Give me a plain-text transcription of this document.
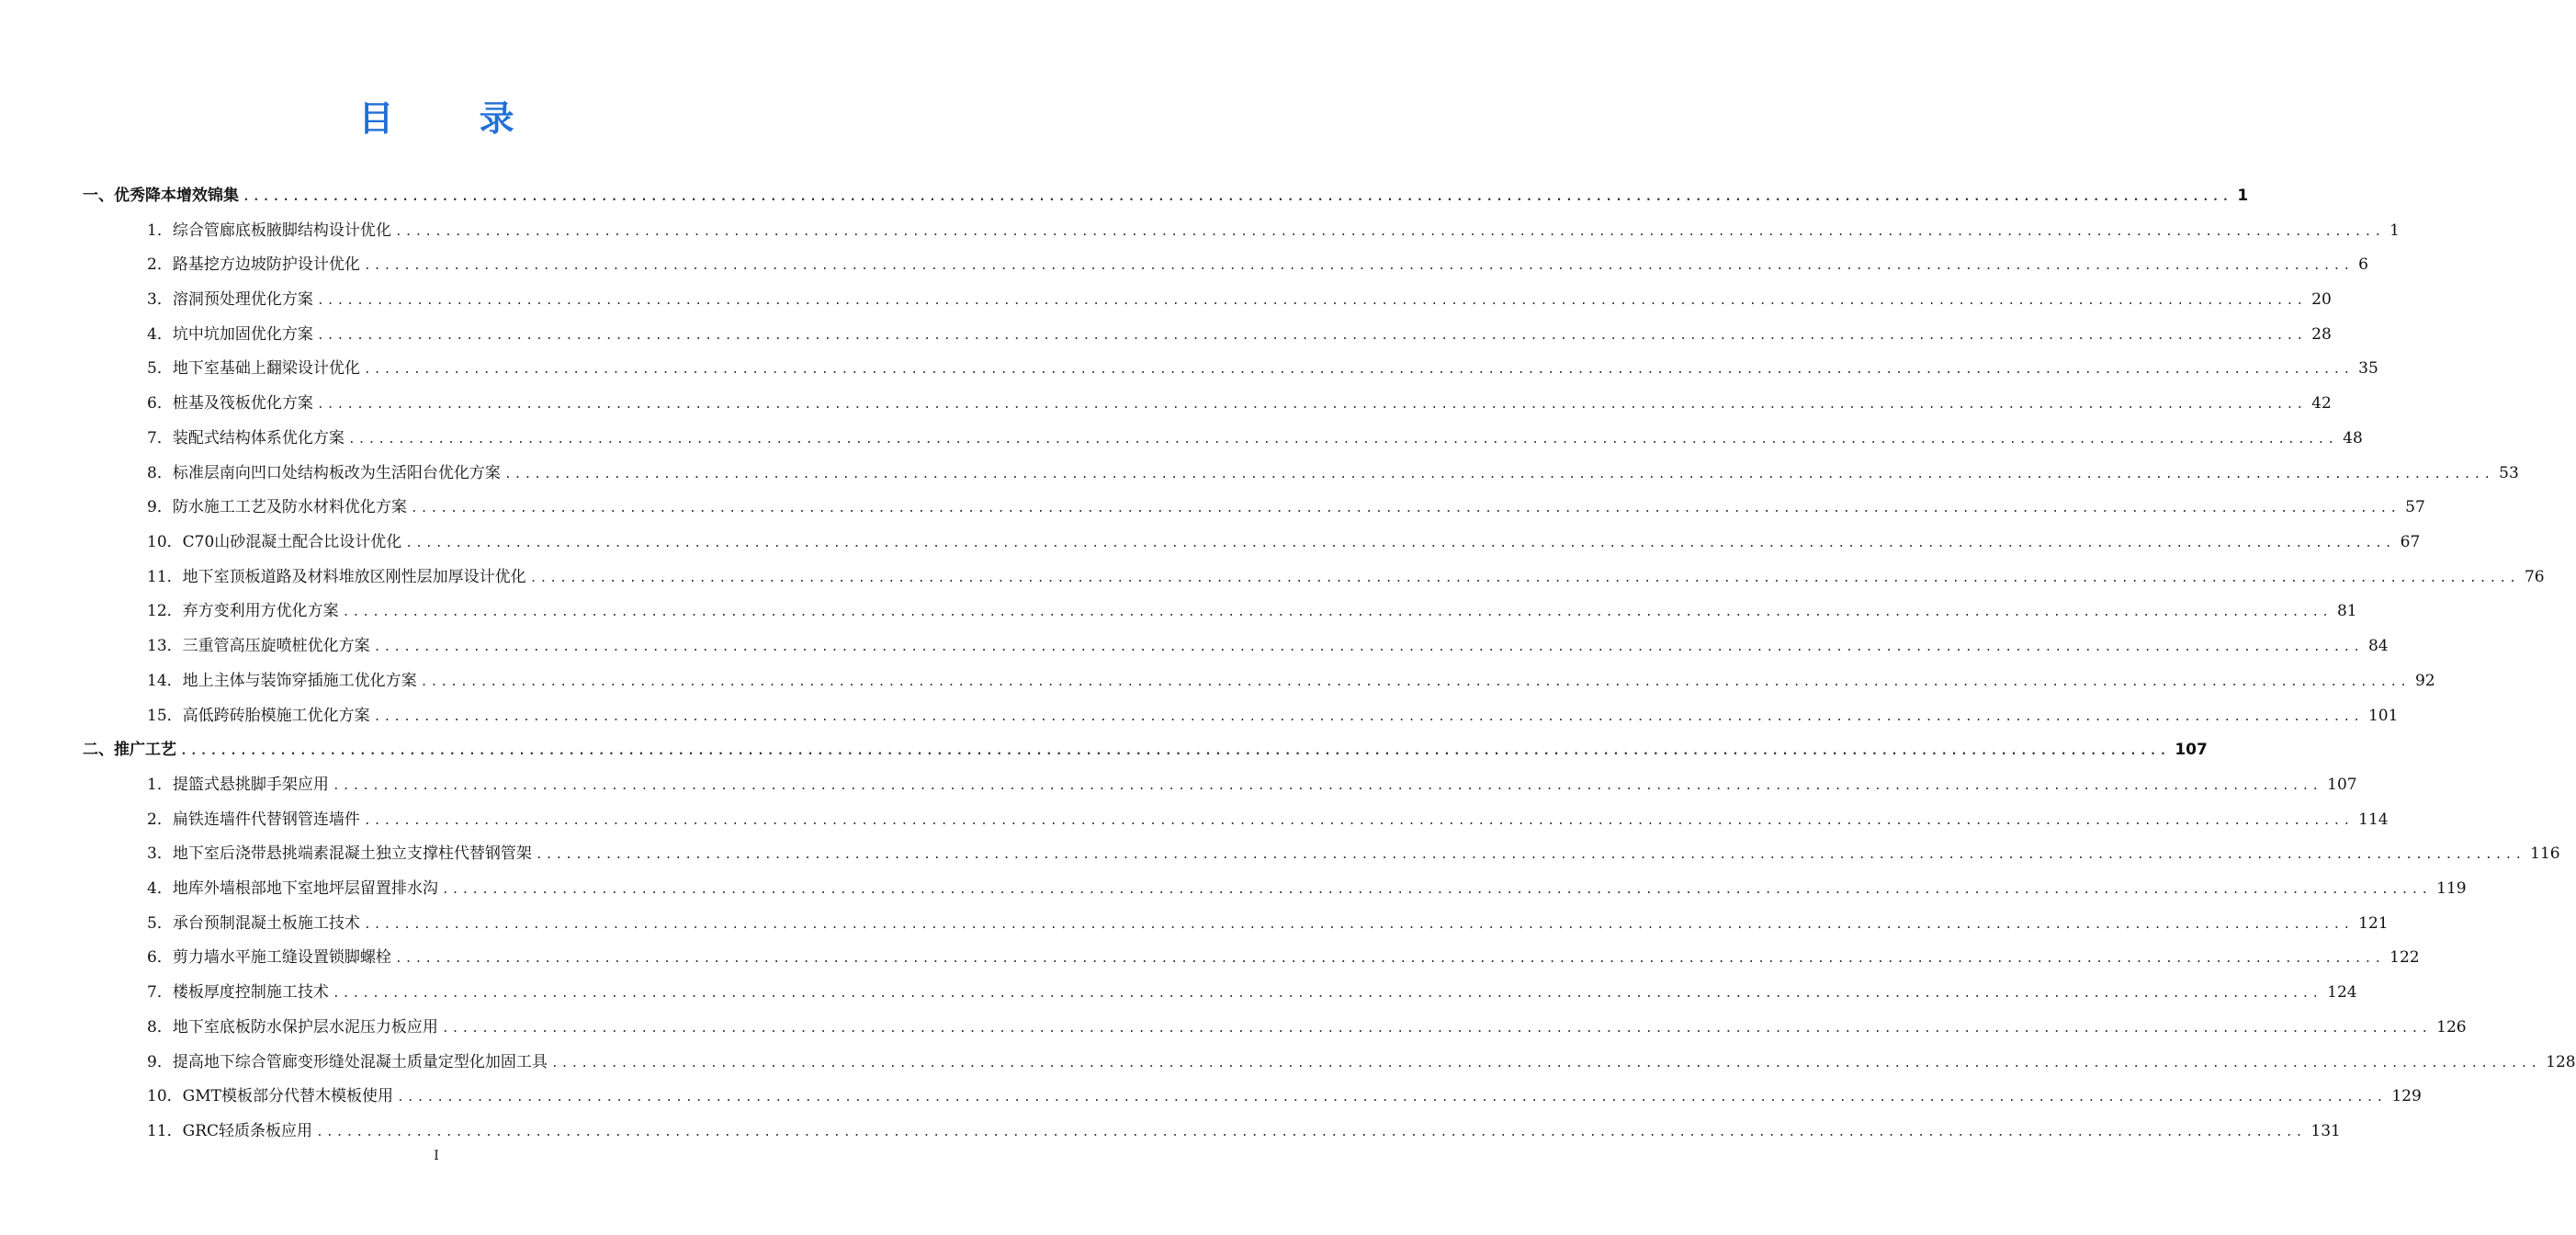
目 录
一、优秀降本增效锦集 ........................................................................................................................................................................................................ 1
1．综合管廊底板腋脚结构设计优化 ........................................................................................................................................................................................................ 1
2．路基挖方边坡防护设计优化 ........................................................................................................................................................................................................ 6
3．溶洞预处理优化方案 ........................................................................................................................................................................................................ 20
4．坑中坑加固优化方案 ........................................................................................................................................................................................................ 28
5．地下室基础上翻梁设计优化 ........................................................................................................................................................................................................ 35
6．桩基及筏板优化方案 ........................................................................................................................................................................................................ 42
7．装配式结构体系优化方案 ........................................................................................................................................................................................................ 48
8．标准层南向凹口处结构板改为生活阳台优化方案 ........................................................................................................................................................................................................ 53
9．防水施工工艺及防水材料优化方案 ........................................................................................................................................................................................................ 57
10．C70山砂混凝土配合比设计优化 ........................................................................................................................................................................................................ 67
11．地下室顶板道路及材料堆放区刚性层加厚设计优化 ........................................................................................................................................................................................................ 76
12．弃方变利用方优化方案 ........................................................................................................................................................................................................ 81
13．三重管高压旋喷桩优化方案 ........................................................................................................................................................................................................ 84
14．地上主体与装饰穿插施工优化方案 ........................................................................................................................................................................................................ 92
15．高低跨砖胎模施工优化方案 ........................................................................................................................................................................................................ 101
二、推广工艺 ........................................................................................................................................................................................................ 107
1．提篮式悬挑脚手架应用 ........................................................................................................................................................................................................ 107
2．扁铁连墙件代替钢管连墙件 ........................................................................................................................................................................................................ 114
3．地下室后浇带悬挑端素混凝土独立支撑柱代替钢管架 ........................................................................................................................................................................................................ 116
4．地库外墙根部地下室地坪层留置排水沟 ........................................................................................................................................................................................................ 119
5．承台预制混凝土板施工技术 ........................................................................................................................................................................................................ 121
6．剪力墙水平施工缝设置锁脚螺栓 ........................................................................................................................................................................................................ 122
7．楼板厚度控制施工技术 ........................................................................................................................................................................................................ 124
8．地下室底板防水保护层水泥压力板应用 ........................................................................................................................................................................................................ 126
9．提高地下综合管廊变形缝处混凝土质量定型化加固工具 ........................................................................................................................................................................................................ 128
10．GMT模板部分代替木模板使用 ........................................................................................................................................................................................................ 129
11．GRC轻质条板应用 ........................................................................................................................................................................................................ 131
I
